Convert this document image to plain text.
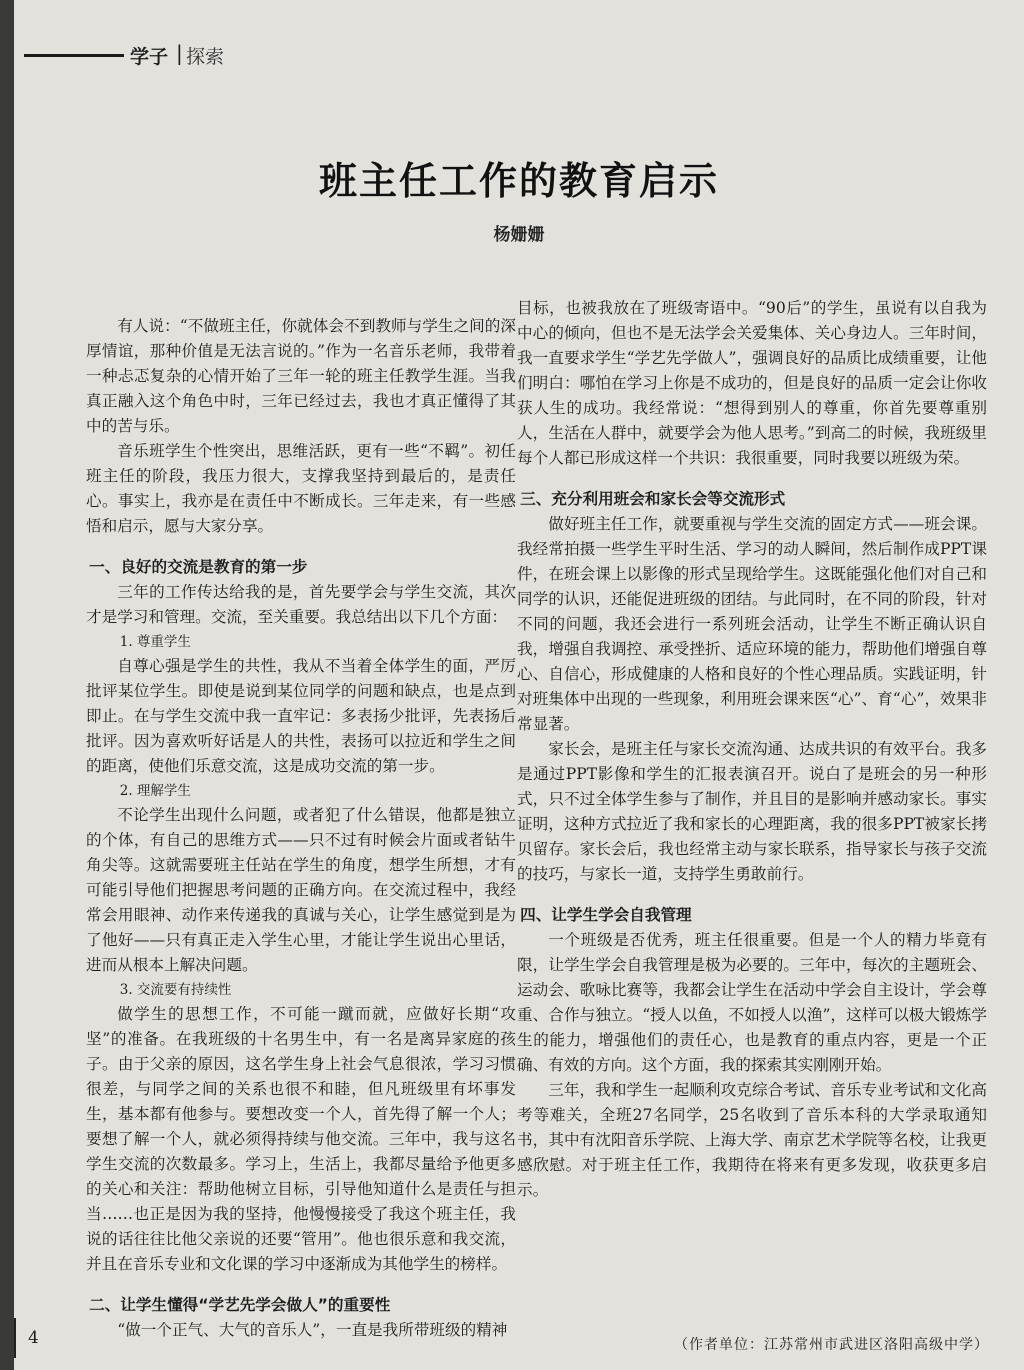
学子 | 探索
班主任工作的教育启示
杨姗姗

有人说：“不做班主任，你就体会不到教师与学生之间的深厚情谊，那种价值是无法言说的。”作为一名音乐老师，我带着一种忐忑复杂的心情开始了三年一轮的班主任教学生涯。当我真正融入这个角色中时，三年已经过去，我也才真正懂得了其中的苦与乐。

音乐班学生个性突出，思维活跃，更有一些“不羁”。初任班主任的阶段，我压力很大，支撑我坚持到最后的，是责任心。事实上，我亦是在责任中不断成长。三年走来，有一些感悟和启示，愿与大家分享。

一、良好的交流是教育的第一步

三年的工作传达给我的是，首先要学会与学生交流，其次才是学习和管理。交流，至关重要。我总结出以下几个方面：

1. 尊重学生

自尊心强是学生的共性，我从不当着全体学生的面，严厉批评某位学生。即使是说到某位同学的问题和缺点，也是点到即止。在与学生交流中我一直牢记：多表扬少批评，先表扬后批评。因为喜欢听好话是人的共性，表扬可以拉近和学生之间的距离，使他们乐意交流，这是成功交流的第一步。

2. 理解学生

不论学生出现什么问题，或者犯了什么错误，他都是独立的个体，有自己的思维方式——只不过有时候会片面或者钻牛角尖等。这就需要班主任站在学生的角度，想学生所想，才有可能引导他们把握思考问题的正确方向。在交流过程中，我经常会用眼神、动作来传递我的真诚与关心，让学生感觉到是为了他好——只有真正走入学生心里，才能让学生说出心里话，进而从根本上解决问题。

3. 交流要有持续性

做学生的思想工作，不可能一蹴而就，应做好长期“攻坚”的准备。在我班级的十名男生中，有一名是离异家庭的孩子。由于父亲的原因，这名学生身上社会气息很浓，学习习惯很差，与同学之间的关系也很不和睦，但凡班级里有坏事发生，基本都有他参与。要想改变一个人，首先得了解一个人；要想了解一个人，就必须得持续与他交流。三年中，我与这名学生交流的次数最多。学习上，生活上，我都尽量给予他更多的关心和关注：帮助他树立目标，引导他知道什么是责任与担当……也正是因为我的坚持，他慢慢接受了我这个班主任，我说的话往往比他父亲说的还要“管用”。他也很乐意和我交流，并且在音乐专业和文化课的学习中逐渐成为其他学生的榜样。

二、让学生懂得“学艺先学会做人”的重要性

“做一个正气、大气的音乐人”，一直是我所带班级的精神

目标，也被我放在了班级寄语中。“90后”的学生，虽说有以自我为中心的倾向，但也不是无法学会关爱集体、关心身边人。三年时间，我一直要求学生“学艺先学做人”，强调良好的品质比成绩重要，让他们明白：哪怕在学习上你是不成功的，但是良好的品质一定会让你收获人生的成功。我经常说：“想得到别人的尊重，你首先要尊重别人，生活在人群中，就要学会为他人思考。”到高二的时候，我班级里每个人都已形成这样一个共识：我很重要，同时我要以班级为荣。

三、充分利用班会和家长会等交流形式

做好班主任工作，就要重视与学生交流的固定方式——班会课。我经常拍摄一些学生平时生活、学习的动人瞬间，然后制作成PPT课件，在班会课上以影像的形式呈现给学生。这既能强化他们对自己和同学的认识，还能促进班级的团结。与此同时，在不同的阶段，针对不同的问题，我还会进行一系列班会活动，让学生不断正确认识自我，增强自我调控、承受挫折、适应环境的能力，帮助他们增强自尊心、自信心，形成健康的人格和良好的个性心理品质。实践证明，针对班集体中出现的一些现象，利用班会课来医“心”、育“心”，效果非常显著。

家长会，是班主任与家长交流沟通、达成共识的有效平台。我多是通过PPT影像和学生的汇报表演召开。说白了是班会的另一种形式，只不过全体学生参与了制作，并且目的是影响并感动家长。事实证明，这种方式拉近了我和家长的心理距离，我的很多PPT被家长拷贝留存。家长会后，我也经常主动与家长联系，指导家长与孩子交流的技巧，与家长一道，支持学生勇敢前行。

四、让学生学会自我管理

一个班级是否优秀，班主任很重要。但是一个人的精力毕竟有限，让学生学会自我管理是极为必要的。三年中，每次的主题班会、运动会、歌咏比赛等，我都会让学生在活动中学会自主设计，学会尊重、合作与独立。“授人以鱼，不如授人以渔”，这样可以极大锻炼学生的能力，增强他们的责任心，也是教育的重点内容，更是一个正确、有效的方向。这个方面，我的探索其实刚刚开始。

三年，我和学生一起顺利攻克综合考试、音乐专业考试和文化高考等难关，全班27名同学，25名收到了音乐本科的大学录取通知书，其中有沈阳音乐学院、上海大学、南京艺术学院等名校，让我更感欣慰。对于班主任工作，我期待在将来有更多发现，收获更多启示。

4	（作者单位：江苏常州市武进区洛阳高级中学）
